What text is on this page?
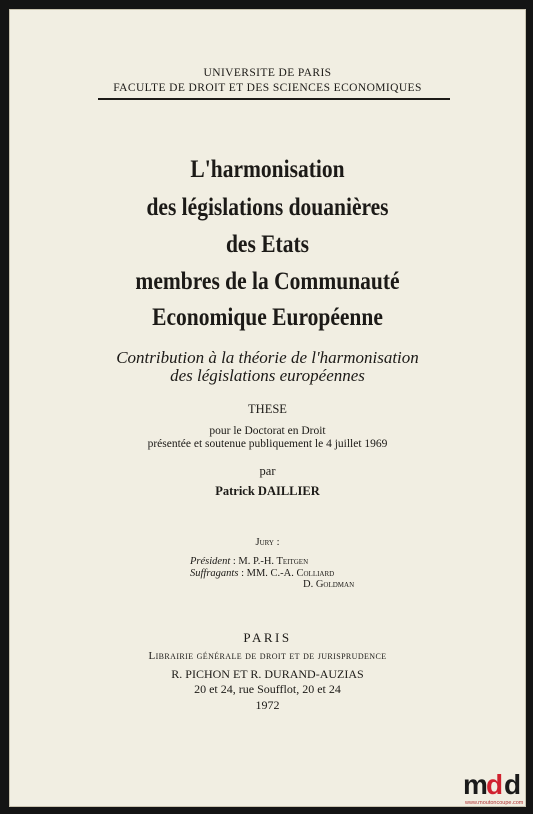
UNIVERSITE DE PARIS
FACULTE DE DROIT ET DES SCIENCES ECONOMIQUES
L'harmonisation
des législations douanières
des Etats
membres de la Communauté
Economique Européenne
Contribution à la théorie de l'harmonisation
des législations européennes
THESE
pour le Doctorat en Droit
présentée et soutenue publiquement le 4 juillet 1969
par
Patrick DAILLIER
Jury :
Président : M. P.-H. Teitgen
Suffragants : MM. C.-A. Colliard
D. Goldman
PARIS
Librairie générale de droit et de jurisprudence
R. PICHON ET R. DURAND-AUZIAS
20 et 24, rue Soufflot, 20 et 24
1972
m
d d
www.moutoncoupe.com
